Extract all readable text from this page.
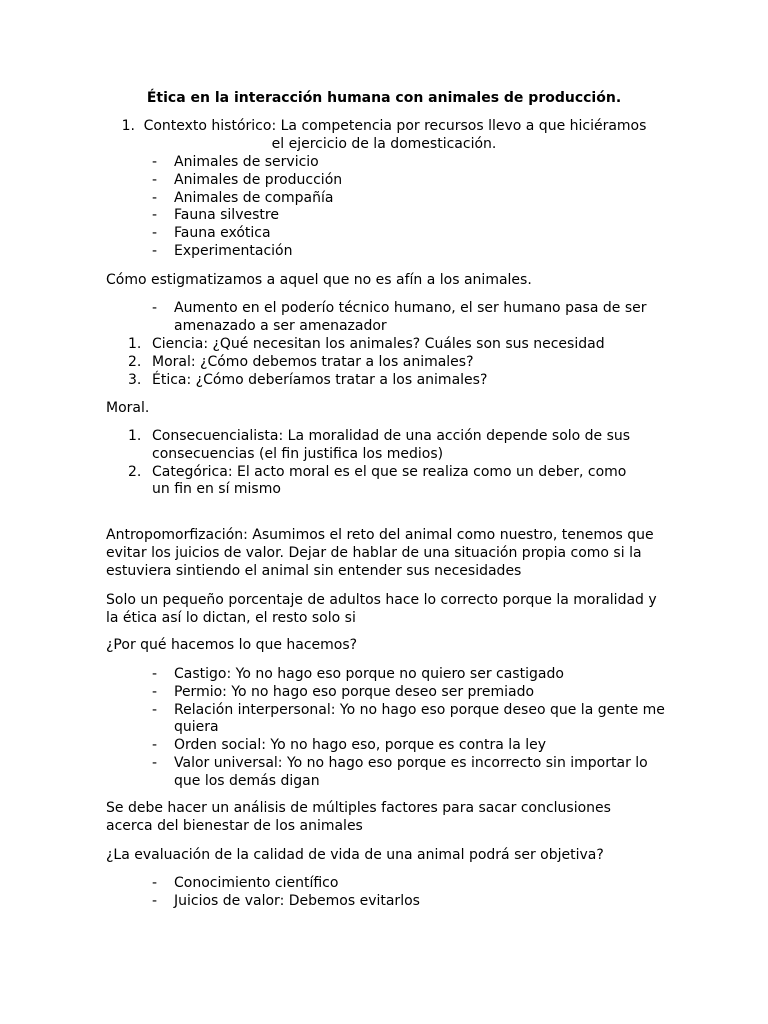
Ética en la interacción humana con animales de producción.

1. Contexto histórico: La competencia por recursos llevo a que hiciéramos
el ejercicio de la domesticación.
- Animales de servicio
- Animales de producción
- Animales de compañía
- Fauna silvestre
- Fauna exótica
- Experimentación

Cómo estigmatizamos a aquel que no es afín a los animales.

- Aumento en el poderío técnico humano, el ser humano pasa de ser amenazado a ser amenazador
1. Ciencia: ¿Qué necesitan los animales? Cuáles son sus necesidad
2. Moral: ¿Cómo debemos tratar a los animales?
3. Ética: ¿Cómo deberíamos tratar a los animales?

Moral.

1. Consecuencialista: La moralidad de una acción depende solo de sus consecuencias (el fin justifica los medios)
2. Categórica: El acto moral es el que se realiza como un deber, como un fin en sí mismo

Antropomorfización: Asumimos el reto del animal como nuestro, tenemos que evitar los juicios de valor. Dejar de hablar de una situación propia como si la estuviera sintiendo el animal sin entender sus necesidades

Solo un pequeño porcentaje de adultos hace lo correcto porque la moralidad y la ética así lo dictan, el resto solo si

¿Por qué hacemos lo que hacemos?

- Castigo: Yo no hago eso porque no quiero ser castigado
- Permio: Yo no hago eso porque deseo ser premiado
- Relación interpersonal: Yo no hago eso porque deseo que la gente me quiera
- Orden social: Yo no hago eso, porque es contra la ley
- Valor universal: Yo no hago eso porque es incorrecto sin importar lo que los demás digan

Se debe hacer un análisis de múltiples factores para sacar conclusiones acerca del bienestar de los animales

¿La evaluación de la calidad de vida de una animal podrá ser objetiva?

- Conocimiento científico
- Juicios de valor: Debemos evitarlos
